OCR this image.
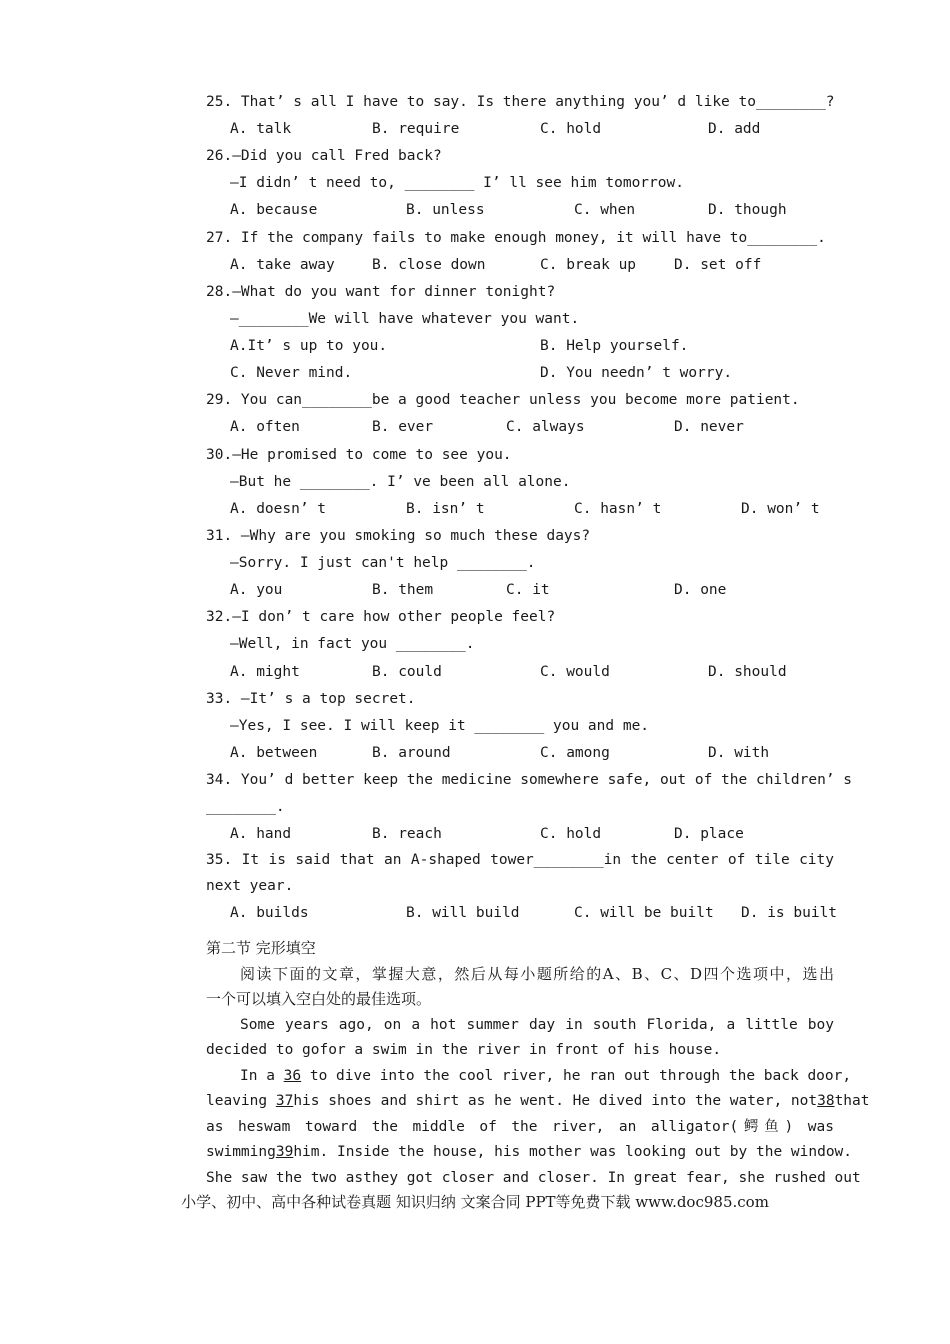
25. That’ s all I have to say. Is there anything you’ d like to________?
A. talk	B. require	C. hold	D. add
26.—Did you call Fred back?
—I didn’ t need to, ________ I’ ll see him tomorrow.
A. because	B. unless	C. when	D. though
27. If the company fails to make enough money, it will have to________.
A. take away	B. close down	C. break up	D. set off
28.—What do you want for dinner tonight?
—________We will have whatever you want.
A.It’ s up to you.	B. Help yourself.
C. Never mind.	D. You needn’ t worry.
29. You can________be a good teacher unless you become more patient.
A. often	B. ever	C. always	D. never
30.—He promised to come to see you.
—But he ________. I’ ve been all alone.
A. doesn’ t	B. isn’ t	C. hasn’ t	D. won’ t
31. —Why are you smoking so much these days?
—Sorry. I just can't help ________.
A. you	B. them	C. it	D. one
32.—I don’ t care how other people feel?
—Well, in fact you ________.
A. might	B. could	C. would	D. should
33. —It’ s a top secret.
—Yes, I see. I will keep it ________ you and me.
A. between	B. around	C. among	D. with
34. You’ d better keep the medicine somewhere safe, out of the children’ s
________.
A. hand	B. reach	C. hold	D. place
35. It is said that an A-shaped tower________in the center of tile city
next year.
A. builds	B. will build	C. will be built D. is built
第二节 完形填空
阅读下面的文章，掌握大意，然后从每小题所给的A、B、C、D四个选项中，选出
一个可以填入空白处的最佳选项。
Some years ago, on a hot summer day in south Florida, a little boy
decided to gofor a swim in the river in front of his house.
In a 36 to dive into the cool river, he ran out through the back door,
leaving 37his shoes and shirt as he went. He dived into the water, not38that
as heswam toward the middle of the river, an alligator(鳄鱼) was
swimming39him. Inside the house, his mother was looking out by the window.
She saw the two asthey got closer and closer. In great fear, she rushed out
小学、初中、高中各种试卷真题 知识归纳 文案合同 PPT等免费下载 www.doc985.com
